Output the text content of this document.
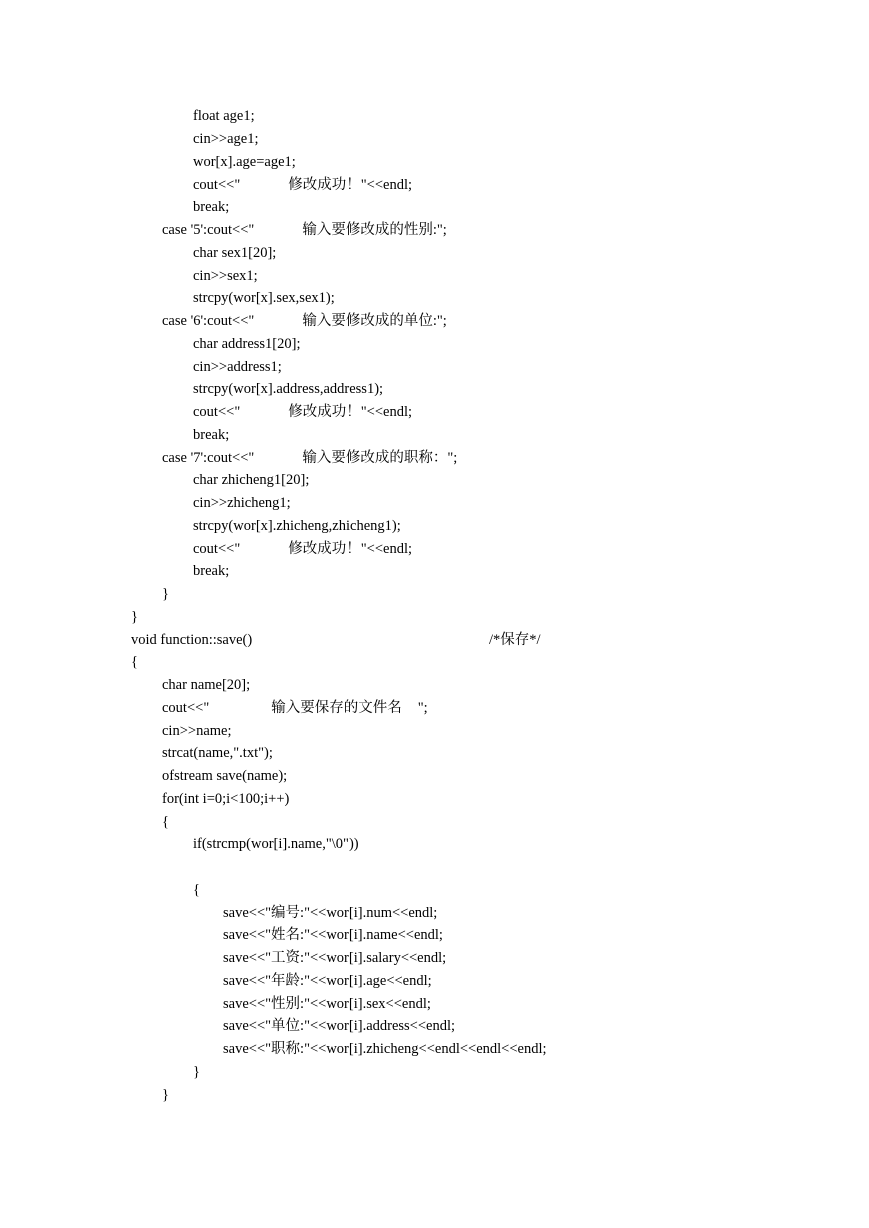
float age1;
cin>>age1;
wor[x].age=age1;
cout<<"	修改成功！"<<endl;
break;
case '5':cout<<"	输入要修改成的性别:";
char sex1[20];
cin>>sex1;
strcpy(wor[x].sex,sex1);
case '6':cout<<"	输入要修改成的单位:";
char address1[20];
cin>>address1;
strcpy(wor[x].address,address1);
cout<<"	修改成功！"<<endl;
break;
case '7':cout<<"	输入要修改成的职称：";
char zhicheng1[20];
cin>>zhicheng1;
strcpy(wor[x].zhicheng,zhicheng1);
cout<<"	修改成功！"<<endl;
break;
}
}
void function::save()	/*保存*/
{
char name[20];
cout<<"	输入要保存的文件名 ";
cin>>name;
strcat(name,".txt");
ofstream save(name);
for(int i=0;i<100;i++)
{
if(strcmp(wor[i].name,"\0"))
{
save<<"编号:"<<wor[i].num<<endl;
save<<"姓名:"<<wor[i].name<<endl;
save<<"工资:"<<wor[i].salary<<endl;
save<<"年龄:"<<wor[i].age<<endl;
save<<"性别:"<<wor[i].sex<<endl;
save<<"单位:"<<wor[i].address<<endl;
save<<"职称:"<<wor[i].zhicheng<<endl<<endl<<endl;
}
}
